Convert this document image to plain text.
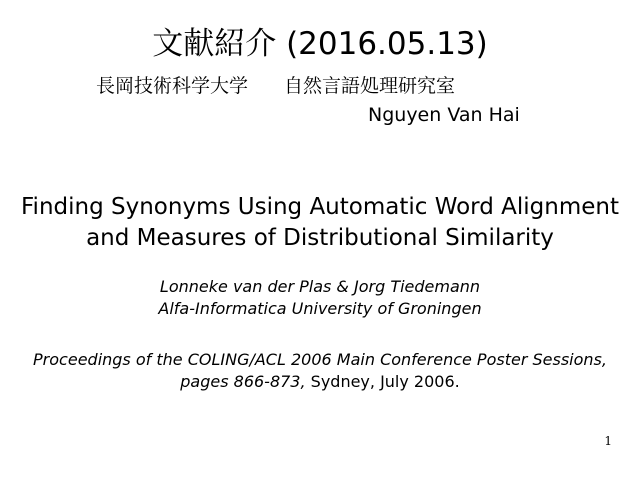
文献紹介 (2016.05.13)
長岡技術科学大学 自然言語処理研究室
Nguyen Van Hai
Finding Synonyms Using Automatic Word Alignment
and Measures of Distributional Similarity
Lonneke van der Plas & Jorg Tiedemann
Alfa-Informatica University of Groningen
Proceedings of the COLING/ACL 2006 Main Conference Poster Sessions,
pages 866-873, Sydney, July 2006.
1
